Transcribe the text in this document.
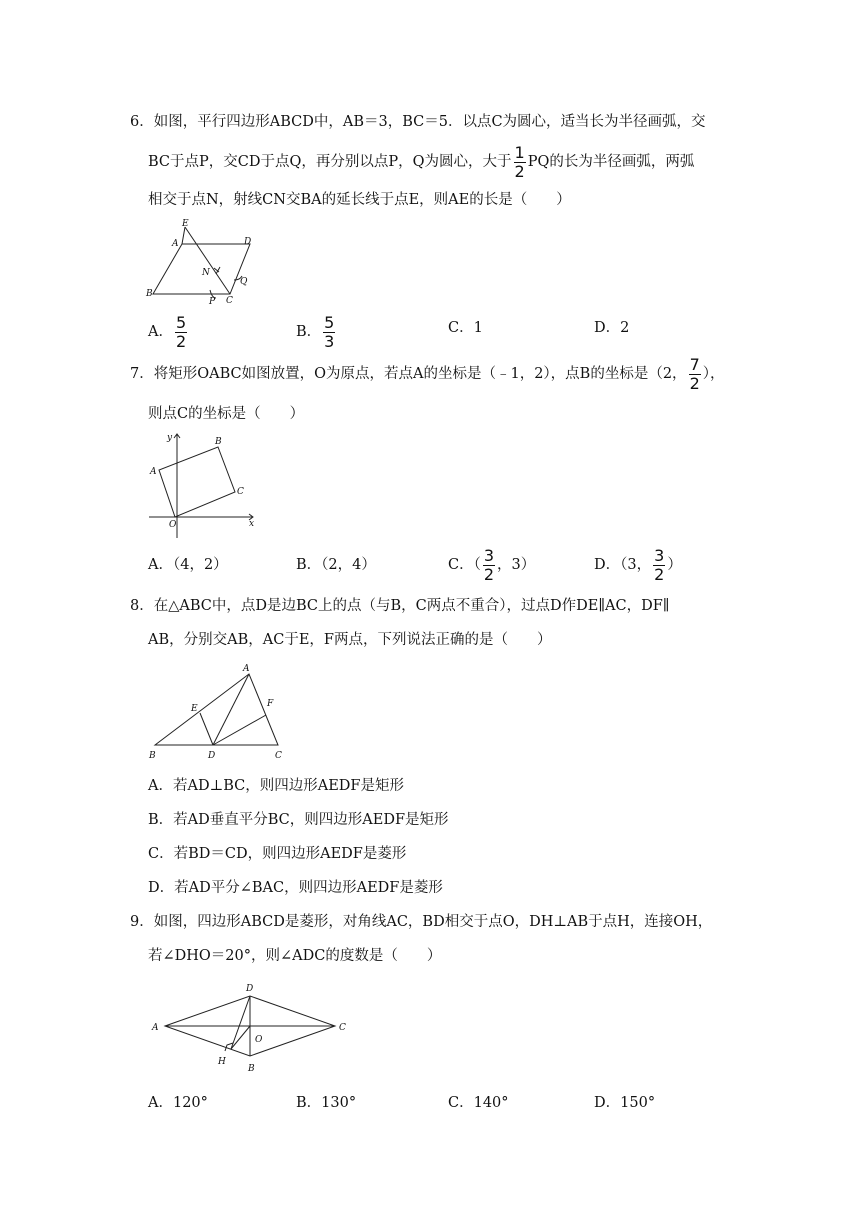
6．如图，平行四边形ABCD中，AB＝3，BC＝5．以点C为圆心，适当长为半径画弧，交
BC于点P，交CD于点Q，再分别以点P，Q为圆心，大于 $\frac{1}{2}$ PQ的长为半径画弧，两弧
相交于点N，射线CN交BA的延长线于点E，则AE的长是（　　）
E
A	D
N
Q
B
P C
A． $\frac{5}{2}$	B． $\frac{5}{3}$	C．1	D．2
7．将矩形OABC如图放置，O为原点，若点A的坐标是（﹣1，2），点B的坐标是（2， $\frac{7}{2}$ ），
则点C的坐标是（　　）
y	B
A
C
O	x
A．（4，2）	B．（2，4）	C．（ $\frac{3}{2}$ ，3）	D．（3， $\frac{3}{2}$ ）
8．在△ABC中，点D是边BC上的点（与B，C两点不重合），过点D作DE∥AC，DF∥
AB，分别交AB，AC于E，F两点，下列说法正确的是（　　）
A
E	F
B	D	C
A．若AD⊥BC，则四边形AEDF是矩形
B．若AD垂直平分BC，则四边形AEDF是矩形
C．若BD＝CD，则四边形AEDF是菱形
D．若AD平分∠BAC，则四边形AEDF是菱形
9．如图，四边形ABCD是菱形，对角线AC，BD相交于点O，DH⊥AB于点H，连接OH，
若∠DHO＝20°，则∠ADC的度数是（　　）
D
A
O
C
H
B
A．120°	B．130°	C．140°	D．150°
